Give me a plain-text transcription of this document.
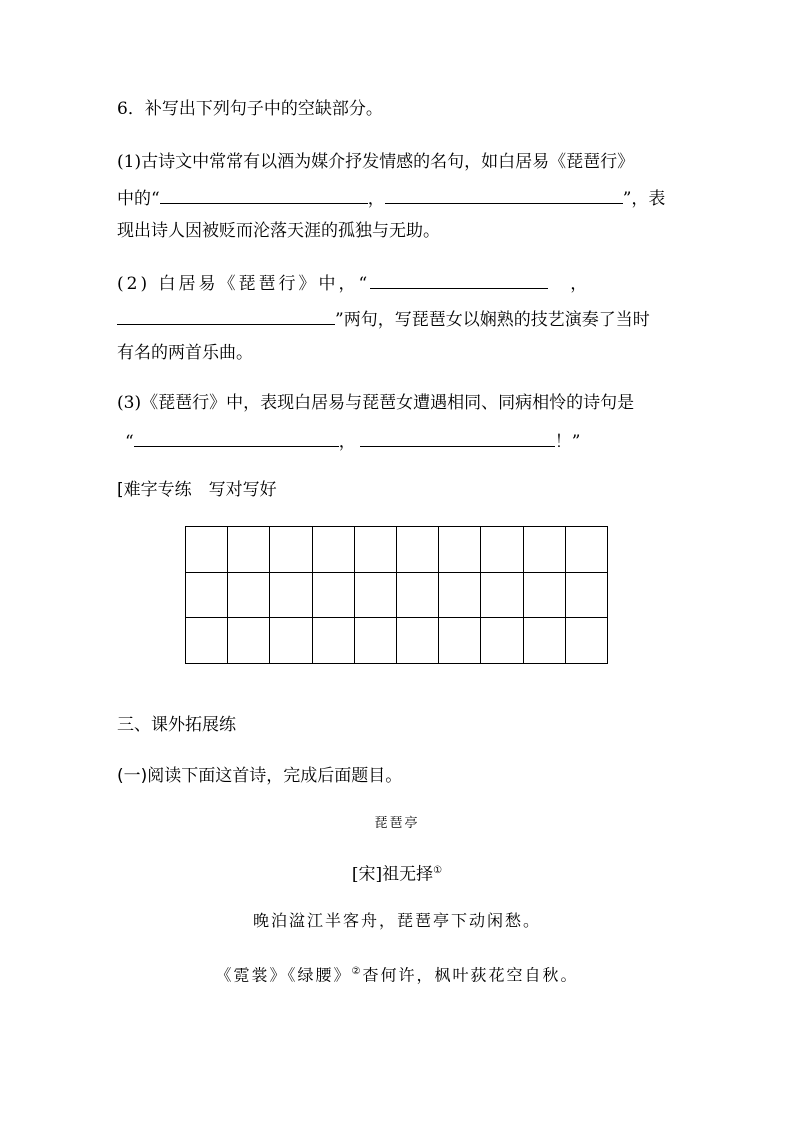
6．补写出下列句子中的空缺部分。
(1)古诗文中常常有以酒为媒介抒发情感的名句，如白居易《琵琶行》
中的“	，	”，表
现出诗人因被贬而沦落天涯的孤独与无助。
(2) 白居易《琵琶行》中，“	，
”两句，写琵琶女以娴熟的技艺演奏了当时
有名的两首乐曲。
(3)《琵琶行》中，表现白居易与琵琶女遭遇相同、同病相怜的诗句是
“	，	！”
[难字专练　写对写好
三、课外拓展练
(一)阅读下面这首诗，完成后面题目。
琵琶亭
[宋]祖无择①
晚泊湓江半客舟，琵琶亭下动闲愁。
《霓裳》《绿腰》②杳何许，枫叶荻花空自秋。
